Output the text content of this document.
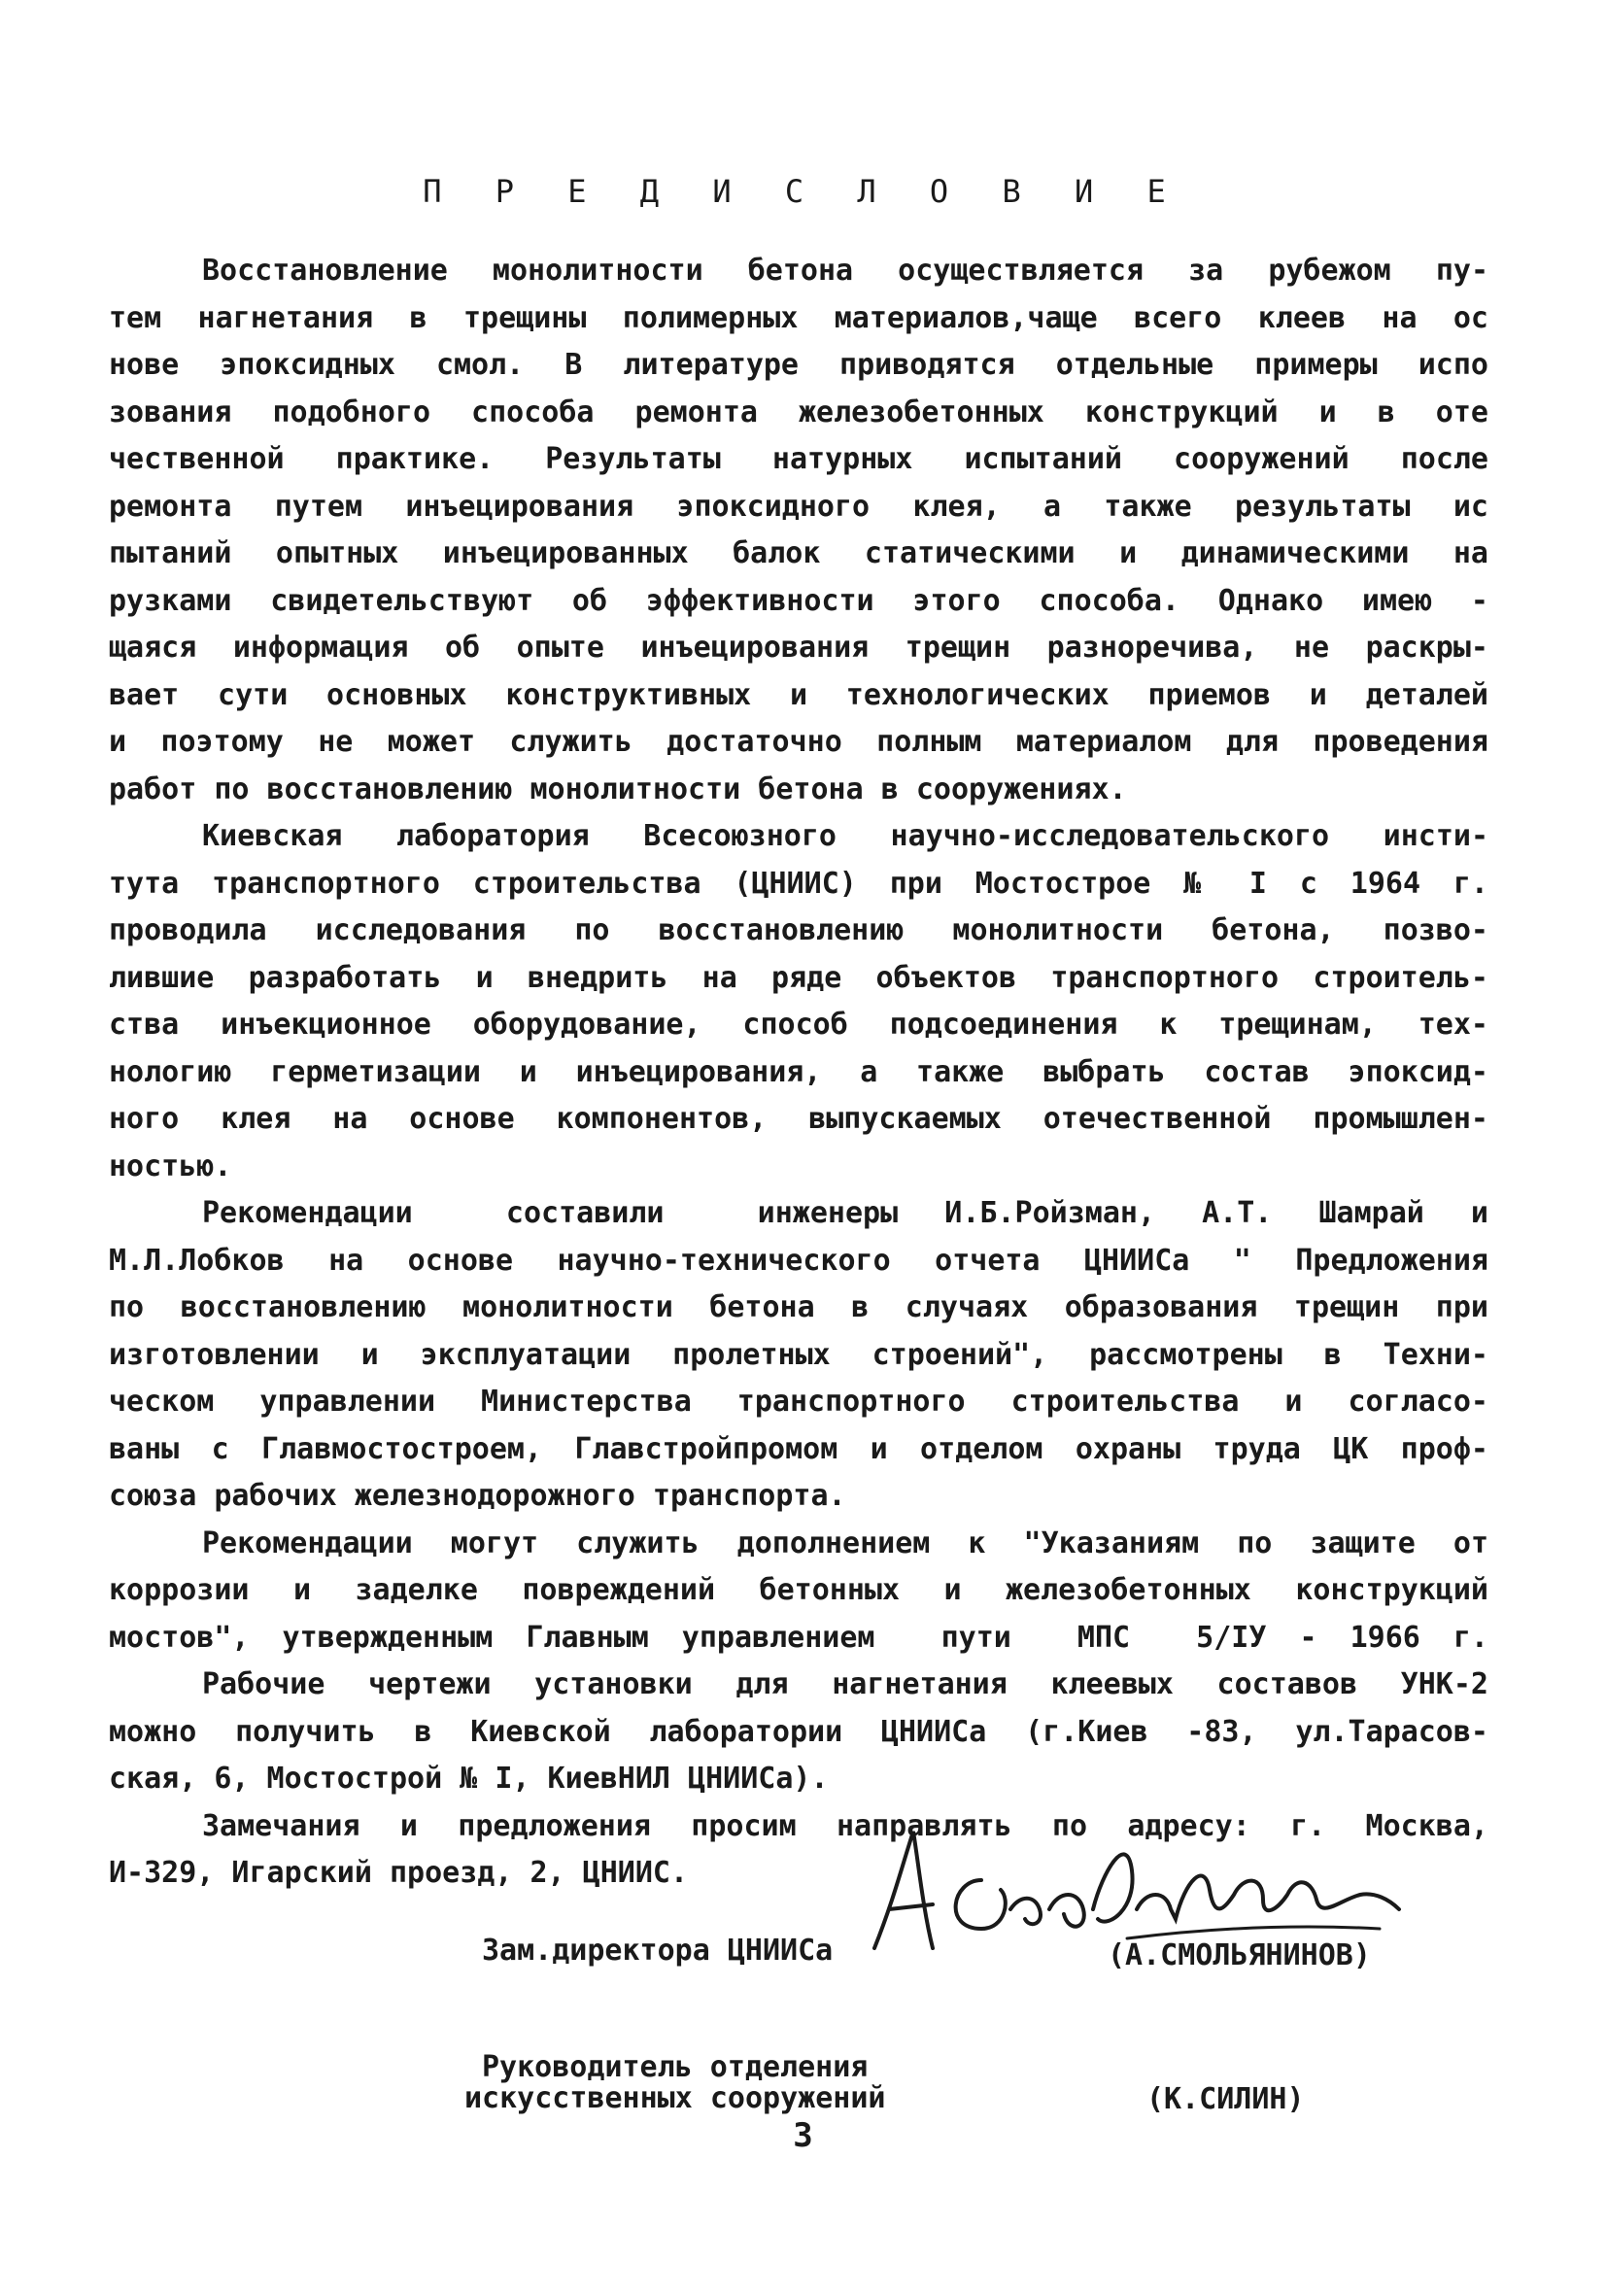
П Р Е Д И С Л О В И Е
Восстановление монолитности бетона осуществляется за рубежом пу-
тем нагнетания в трещины полимерных материалов,чаще всего клеев на ос
нове эпоксидных смол. В литературе приводятся отдельные примеры испо
зования подобного способа ремонта железобетонных конструкций и в оте
чественной практике. Результаты натурных испытаний сооружений после
ремонта путем инъецирования эпоксидного клея, а также результаты ис
пытаний опытных инъецированных балок статическими и динамическими на
рузками свидетельствуют об эффективности этого способа. Однако имею -
щаяся информация об опыте инъецирования трещин разноречива, не раскры-
вает сути основных конструктивных и технологических приемов и деталей
и поэтому не может служить достаточно полным материалом для проведения
работ по восстановлению монолитности бетона в сооружениях.
Киевская лаборатория Всесоюзного научно-исследовательского инсти-
тута транспортного строительства (ЦНИИС) при Мостострое № I с 1964 г.
проводила исследования по восстановлению монолитности бетона, позво-
лившие разработать и внедрить на ряде объектов транспортного строитель-
ства инъекционное оборудование, способ подсоединения к трещинам, тех-
нологию герметизации и инъецирования, а также выбрать состав эпоксид-
ного клея на основе компонентов, выпускаемых отечественной промышлен-
ностью.
Рекомендации  составили  инженеры И.Б.Ройзман, А.Т. Шамрай и
М.Л.Лобков на основе научно-технического отчета ЦНИИСа " Предложения
по восстановлению монолитности бетона в случаях образования трещин при
изготовлении и эксплуатации пролетных строений", рассмотрены в Техни-
ческом управлении Министерства транспортного строительства и согласо-
ваны с Главмостостроем, Главстройпромом и отделом охраны труда ЦК проф-
союза рабочих железнодорожного транспорта.
Рекомендации могут служить дополнением к "Указаниям по защите от
коррозии и заделке повреждений бетонных и железобетонных конструкций
мостов", утвержденным Главным управлением  пути  МПС  5/IУ - 1966 г.
Рабочие чертежи установки для нагнетания клеевых составов УНК-2
можно получить в Киевской лаборатории ЦНИИСа (г.Киев -83, ул.Тарасов-
ская, 6, Мостострой № I, КиевНИЛ ЦНИИСа).
Замечания и предложения просим направлять по адресу: г. Москва,
И-329, Игарский проезд, 2, ЦНИИС.
Зам.директора ЦНИИСа	(А.СМОЛЬЯНИНОВ)
Руководитель отделения
искусственных сооружений	(К.СИЛИН)
3
